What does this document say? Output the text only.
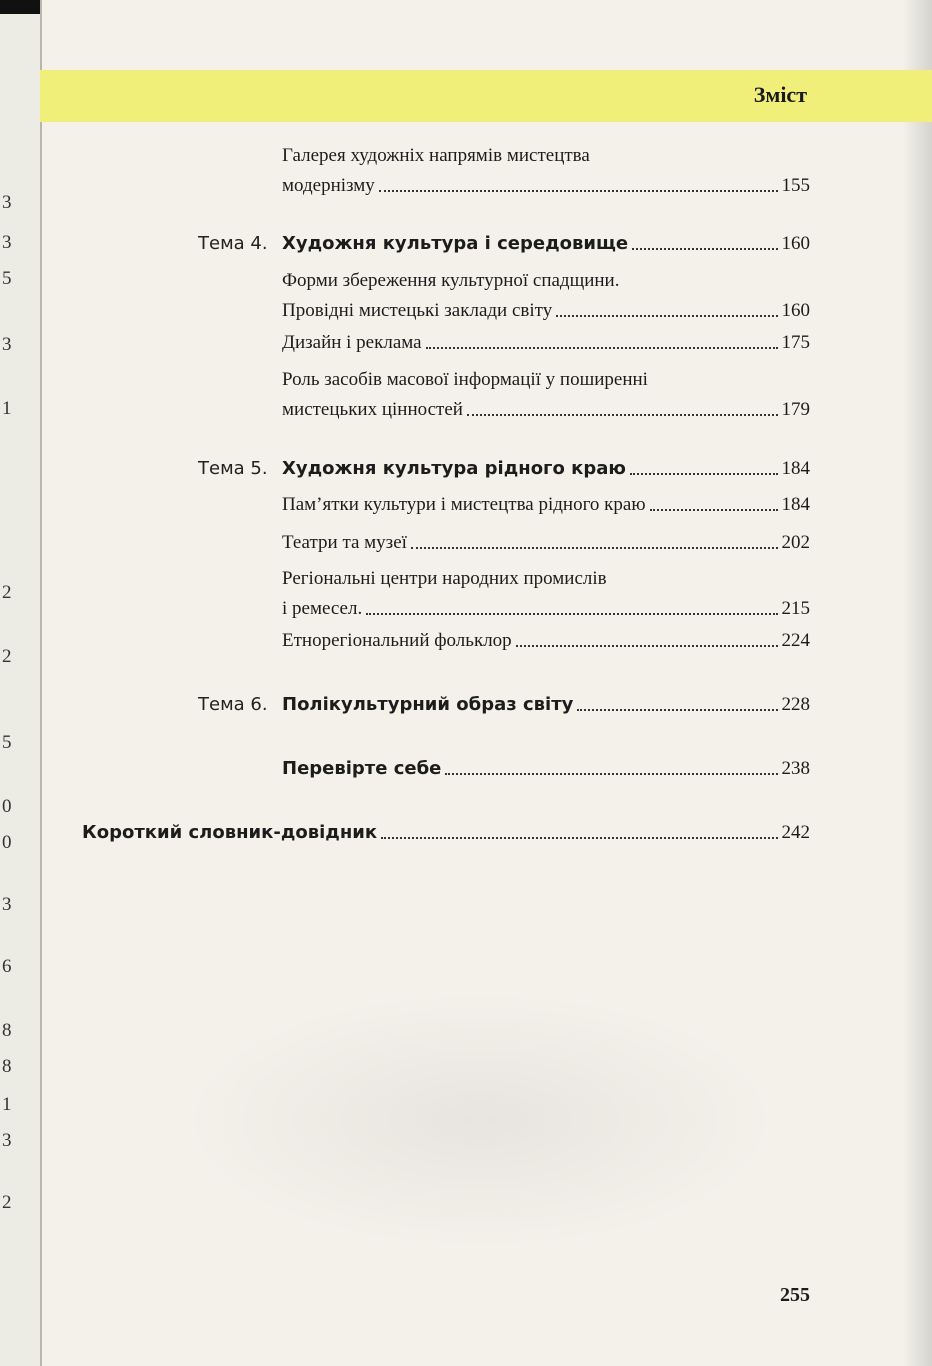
3
3
5
3
1
2
2
5
0
0
3
6
8
8
1
3
2
Зміст
Галерея художніх напрямів мистецтва
модернізму	155
Тема 4. Художня культура і середовище	160
Форми збереження культурної спадщини.
Провідні мистецькі заклади світу	160
Дизайн і реклама	175
Роль засобів масової інформації у поширенні
мистецьких цінностей	179
Тема 5. Художня культура рідного краю	184
Пам’ятки культури і мистецтва рідного краю	184
Театри та музеї	202
Регіональні центри народних промислів
і ремесел.	215
Етнорегіональний фольклор	224
Тема 6. Полікультурний образ світу	228
Перевірте себе	238
Короткий словник-довідник	242
255
